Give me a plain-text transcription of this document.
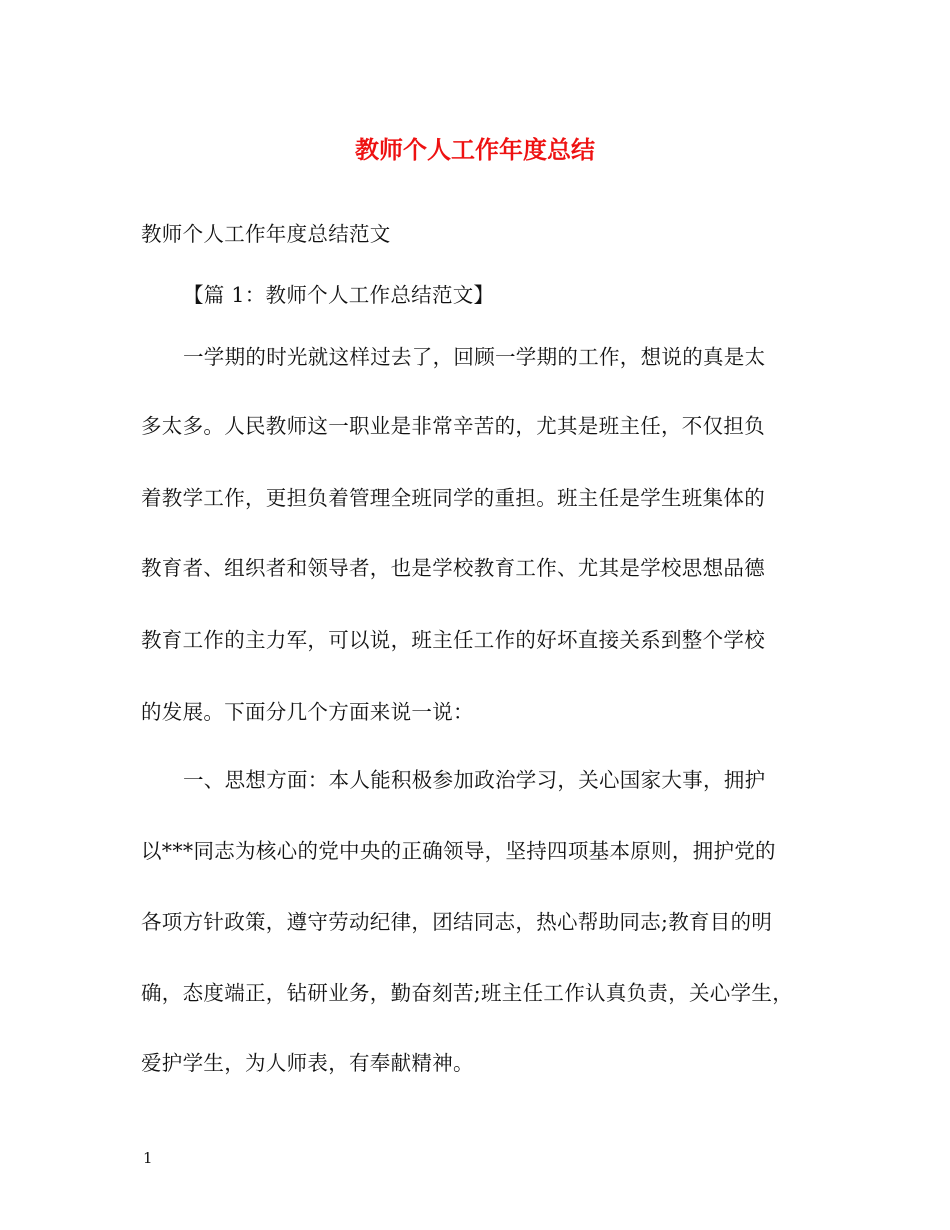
教师个人工作年度总结
教师个人工作年度总结范文
【篇 1：教师个人工作总结范文】
一学期的时光就这样过去了，回顾一学期的工作，想说的真是太
多太多。人民教师这一职业是非常辛苦的，尤其是班主任，不仅担负
着教学工作，更担负着管理全班同学的重担。班主任是学生班集体的
教育者、组织者和领导者，也是学校教育工作、尤其是学校思想品德
教育工作的主力军，可以说，班主任工作的好坏直接关系到整个学校
的发展。下面分几个方面来说一说：
一、思想方面：本人能积极参加政治学习，关心国家大事，拥护
以***同志为核心的党中央的正确领导，坚持四项基本原则，拥护党的
各项方针政策，遵守劳动纪律，团结同志，热心帮助同志;教育目的明
确，态度端正，钻研业务，勤奋刻苦;班主任工作认真负责，关心学生，
爱护学生，为人师表，有奉献精神。
1
